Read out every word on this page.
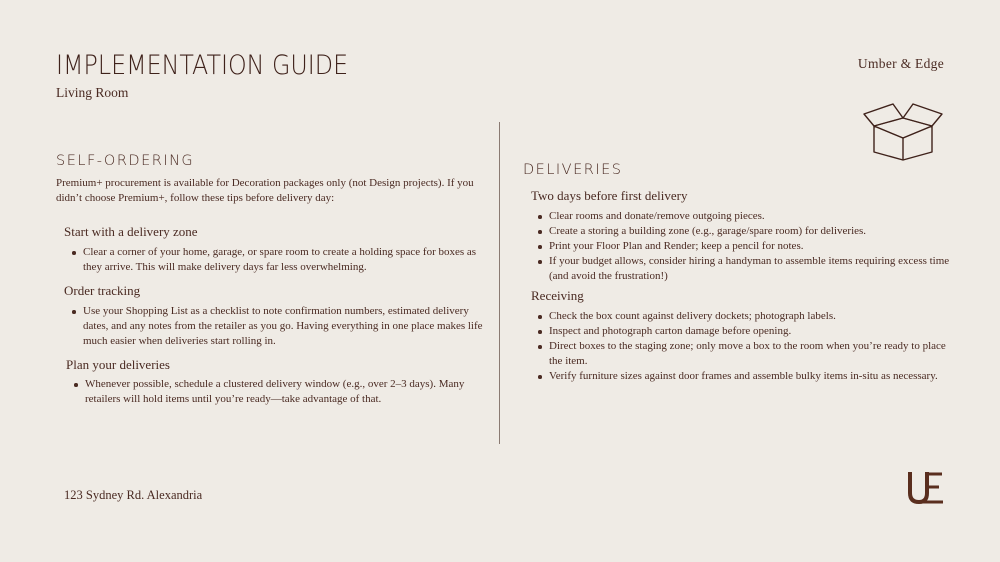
IMPLEMENTATION GUIDE
Living Room
Umber & Edge
SELF-ORDERING
Premium+ procurement is available for Decoration packages only (not Design projects). If you didn’t choose Premium+, follow these tips before delivery day:
Start with a delivery zone
Clear a corner of your home, garage, or spare room to create a holding space for boxes as they arrive. This will make delivery days far less overwhelming.
Order tracking
Use your Shopping List as a checklist to note confirmation numbers, estimated delivery dates, and any notes from the retailer as you go. Having everything in one place makes life much easier when deliveries start rolling in.
Plan your deliveries
Whenever possible, schedule a clustered delivery window (e.g., over 2–3 days). Many retailers will hold items until you’re ready—take advantage of that.
DELIVERIES
Two days before first delivery
Clear rooms and donate/remove outgoing pieces.
Create a storing a building zone (e.g., garage/spare room) for deliveries.
Print your Floor Plan and Render; keep a pencil for notes.
If your budget allows, consider hiring a handyman to assemble items requiring excess time (and avoid the frustration!)
Receiving
Check the box count against delivery dockets; photograph labels.
Inspect and photograph carton damage before opening.
Direct boxes to the staging zone; only move a box to the room when you’re ready to place the item.
Verify furniture sizes against door frames and assemble bulky items in-situ as necessary.
123 Sydney Rd. Alexandria
